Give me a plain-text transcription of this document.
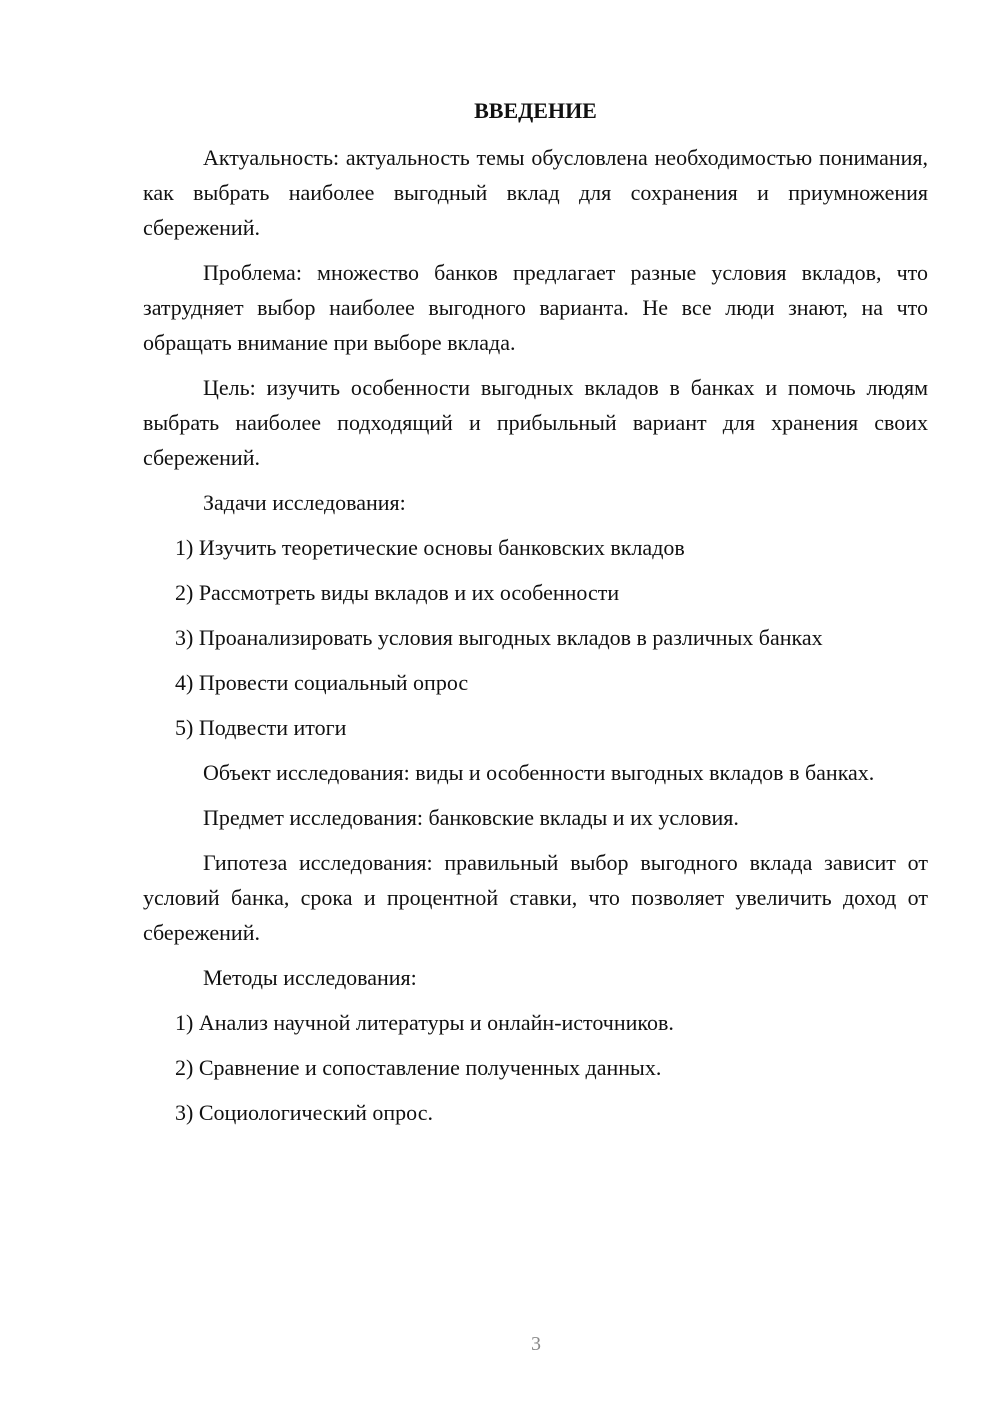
ВВЕДЕНИЕ

Актуальность: актуальность темы обусловлена необходимостью понимания, как выбрать наиболее выгодный вклад для сохранения и приумножения сбережений.

Проблема: множество банков предлагает разные условия вкладов, что затрудняет выбор наиболее выгодного варианта. Не все люди знают, на что обращать внимание при выборе вклада.

Цель: изучить особенности выгодных вкладов в банках и помочь людям выбрать наиболее подходящий и прибыльный вариант для хранения своих сбережений.

Задачи исследования:

1) Изучить теоретические основы банковских вкладов

2) Рассмотреть виды вкладов и их особенности

3) Проанализировать условия выгодных вкладов в различных банках

4) Провести социальный опрос

5) Подвести итоги

Объект исследования: виды и особенности выгодных вкладов в банках.

Предмет исследования: банковские вклады и их условия.

Гипотеза исследования: правильный выбор выгодного вклада зависит от условий банка, срока и процентной ставки, что позволяет увеличить доход от сбережений.

Методы исследования:

1) Анализ научной литературы и онлайн-источников.

2) Сравнение и сопоставление полученных данных.

3) Социологический опрос.

3
